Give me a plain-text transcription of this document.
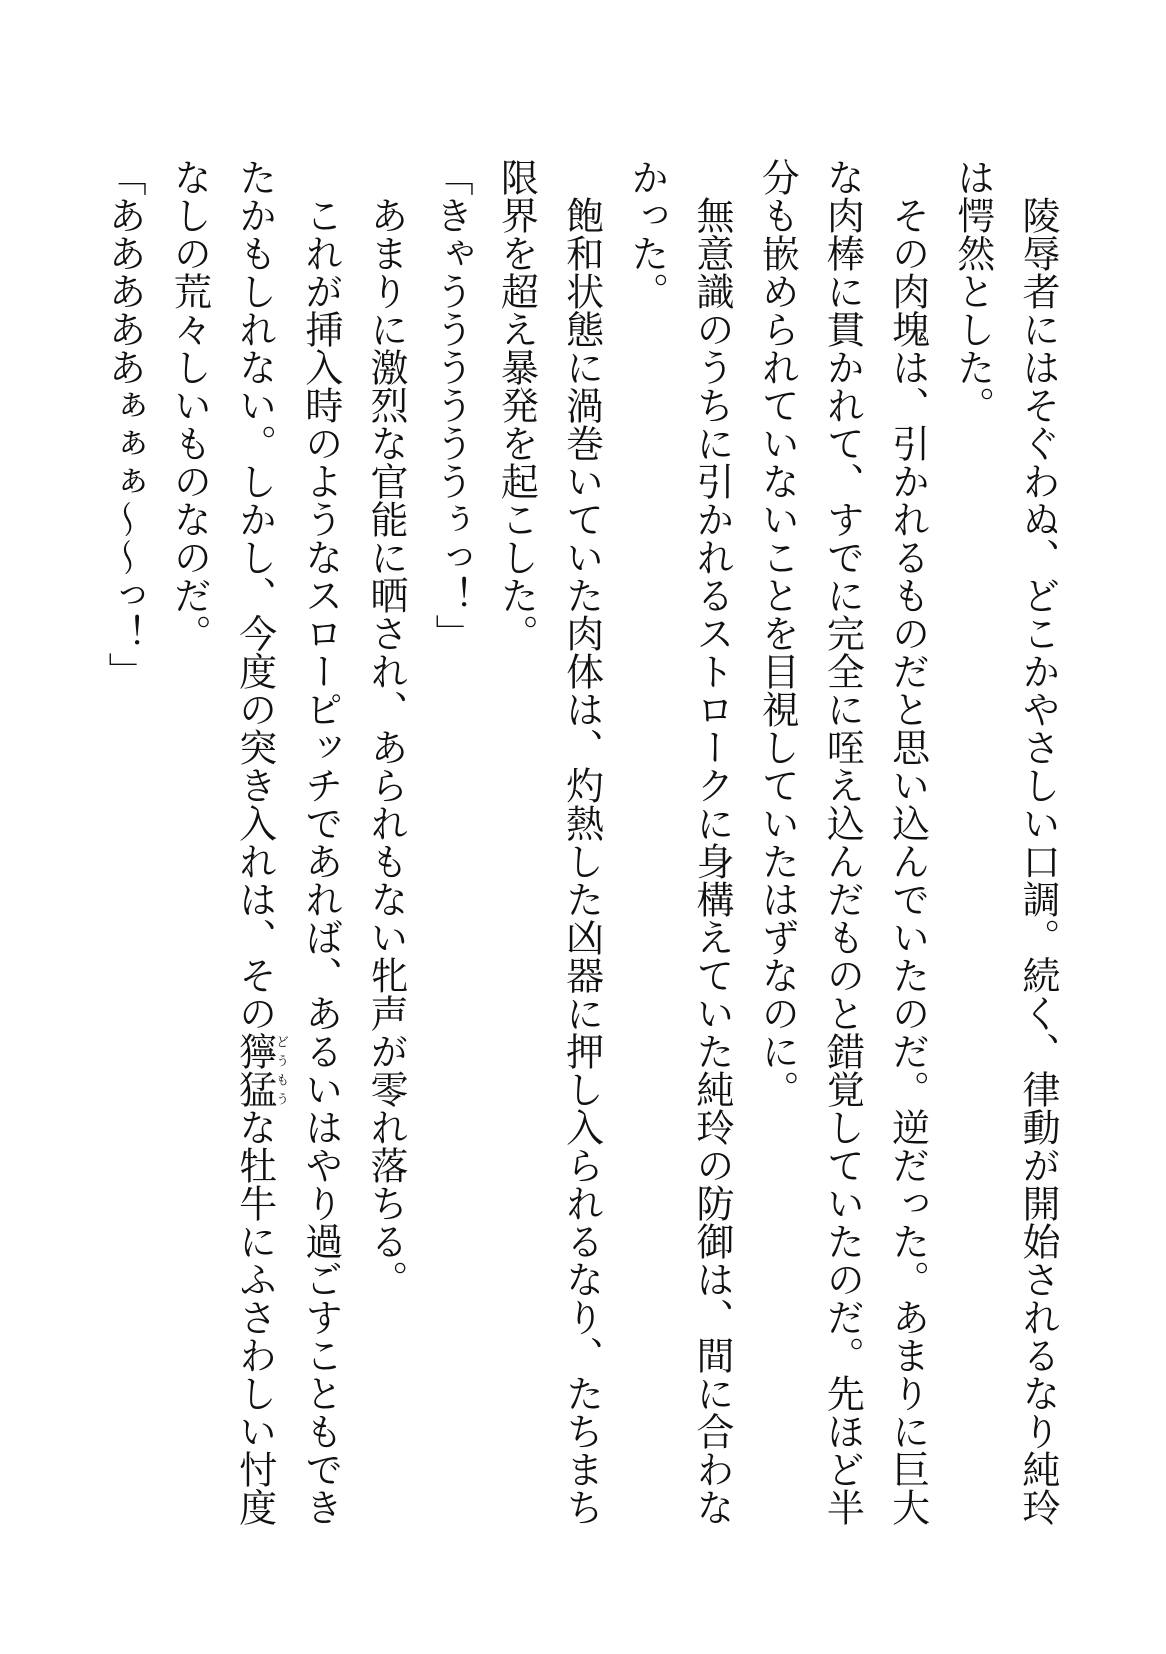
陵辱者にはそぐわぬ、どこかやさしい口調。続く、律動が開始されるなり純玲

は愕然とした。

その肉塊は、引かれるものだと思い込んでいたのだ。逆だった。あまりに巨大

な肉棒に貫かれて、すでに完全に咥え込んだものと錯覚していたのだ。先ほど半

分も嵌められていないことを目視していたはずなのに。

無意識のうちに引かれるストロークに身構えていた純玲の防御は、間に合わな

かった。

飽和状態に渦巻いていた肉体は、灼熱した凶器に押し入られるなり、たちまち

限界を超え暴発を起こした。

「きゃううううううぅっ！」

あまりに激烈な官能に晒され、あられもない牝声が零れ落ちる。

これが挿入時のようなスローピッチであれば、あるいはやり過ごすこともでき

たかもしれない。しかし、今度の突き入れは、その獰猛どうもうな牡牛にふさわしい忖度

なしの荒々しいものなのだ。

「あああああぁぁぁ～～っ！」
